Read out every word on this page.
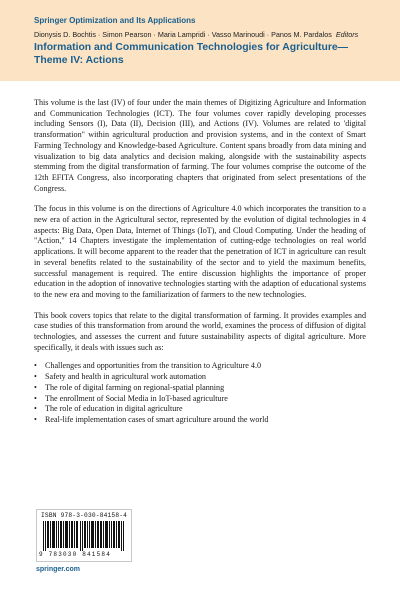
Springer Optimization and Its Applications
Dionysis D. Bochtis · Simon Pearson · Maria Lampridi · Vasso Marinoudi · Panos M. Pardalos Editors
Information and Communication Technologies for Agriculture—Theme IV: Actions

This volume is the last (IV) of four under the main themes of Digitizing Agriculture and Information and Communication Technologies (ICT). The four volumes cover rapidly developing processes including Sensors (I), Data (II), Decision (III), and Actions (IV). Volumes are related to 'digital transformation" within agricultural production and provision systems, and in the context of Smart Farming Technology and Knowledge-based Agriculture. Content spans broadly from data mining and visualization to big data analytics and decision making, alongside with the sustainability aspects stemming from the digital transformation of farming. The four volumes comprise the outcome of the 12th EFITA Congress, also incorporating chapters that originated from select presentations of the Congress.

The focus in this volume is on the directions of Agriculture 4.0 which incorporates the transition to a new era of action in the Agricultural sector, represented by the evolution of digital technologies in 4 aspects: Big Data, Open Data, Internet of Things (IoT), and Cloud Computing. Under the heading of "Action," 14 Chapters investigate the implementation of cutting-edge technologies on real world applications. It will become apparent to the reader that the penetration of ICT in agriculture can result in several benefits related to the sustainability of the sector and to yield the maximum benefits, successful management is required. The entire discussion highlights the importance of proper education in the adoption of innovative technologies starting with the adaption of educational systems to the new era and moving to the familiarization of farmers to the new technologies.

This book covers topics that relate to the digital transformation of farming. It provides examples and case studies of this transformation from around the world, examines the process of diffusion of digital technologies, and assesses the current and future sustainability aspects of digital agriculture. More specifically, it deals with issues such as:

• Challenges and opportunities from the transition to Agriculture 4.0
• Safety and health in agricultural work automation
• The role of digital farming on regional-spatial planning
• The enrollment of Social Media in IoT-based agriculture
• The role of education in digital agriculture
• Real-life implementation cases of smart agriculture around the world
ISBN 978-3-030-84158-4
9 783030 841584
springer.com
